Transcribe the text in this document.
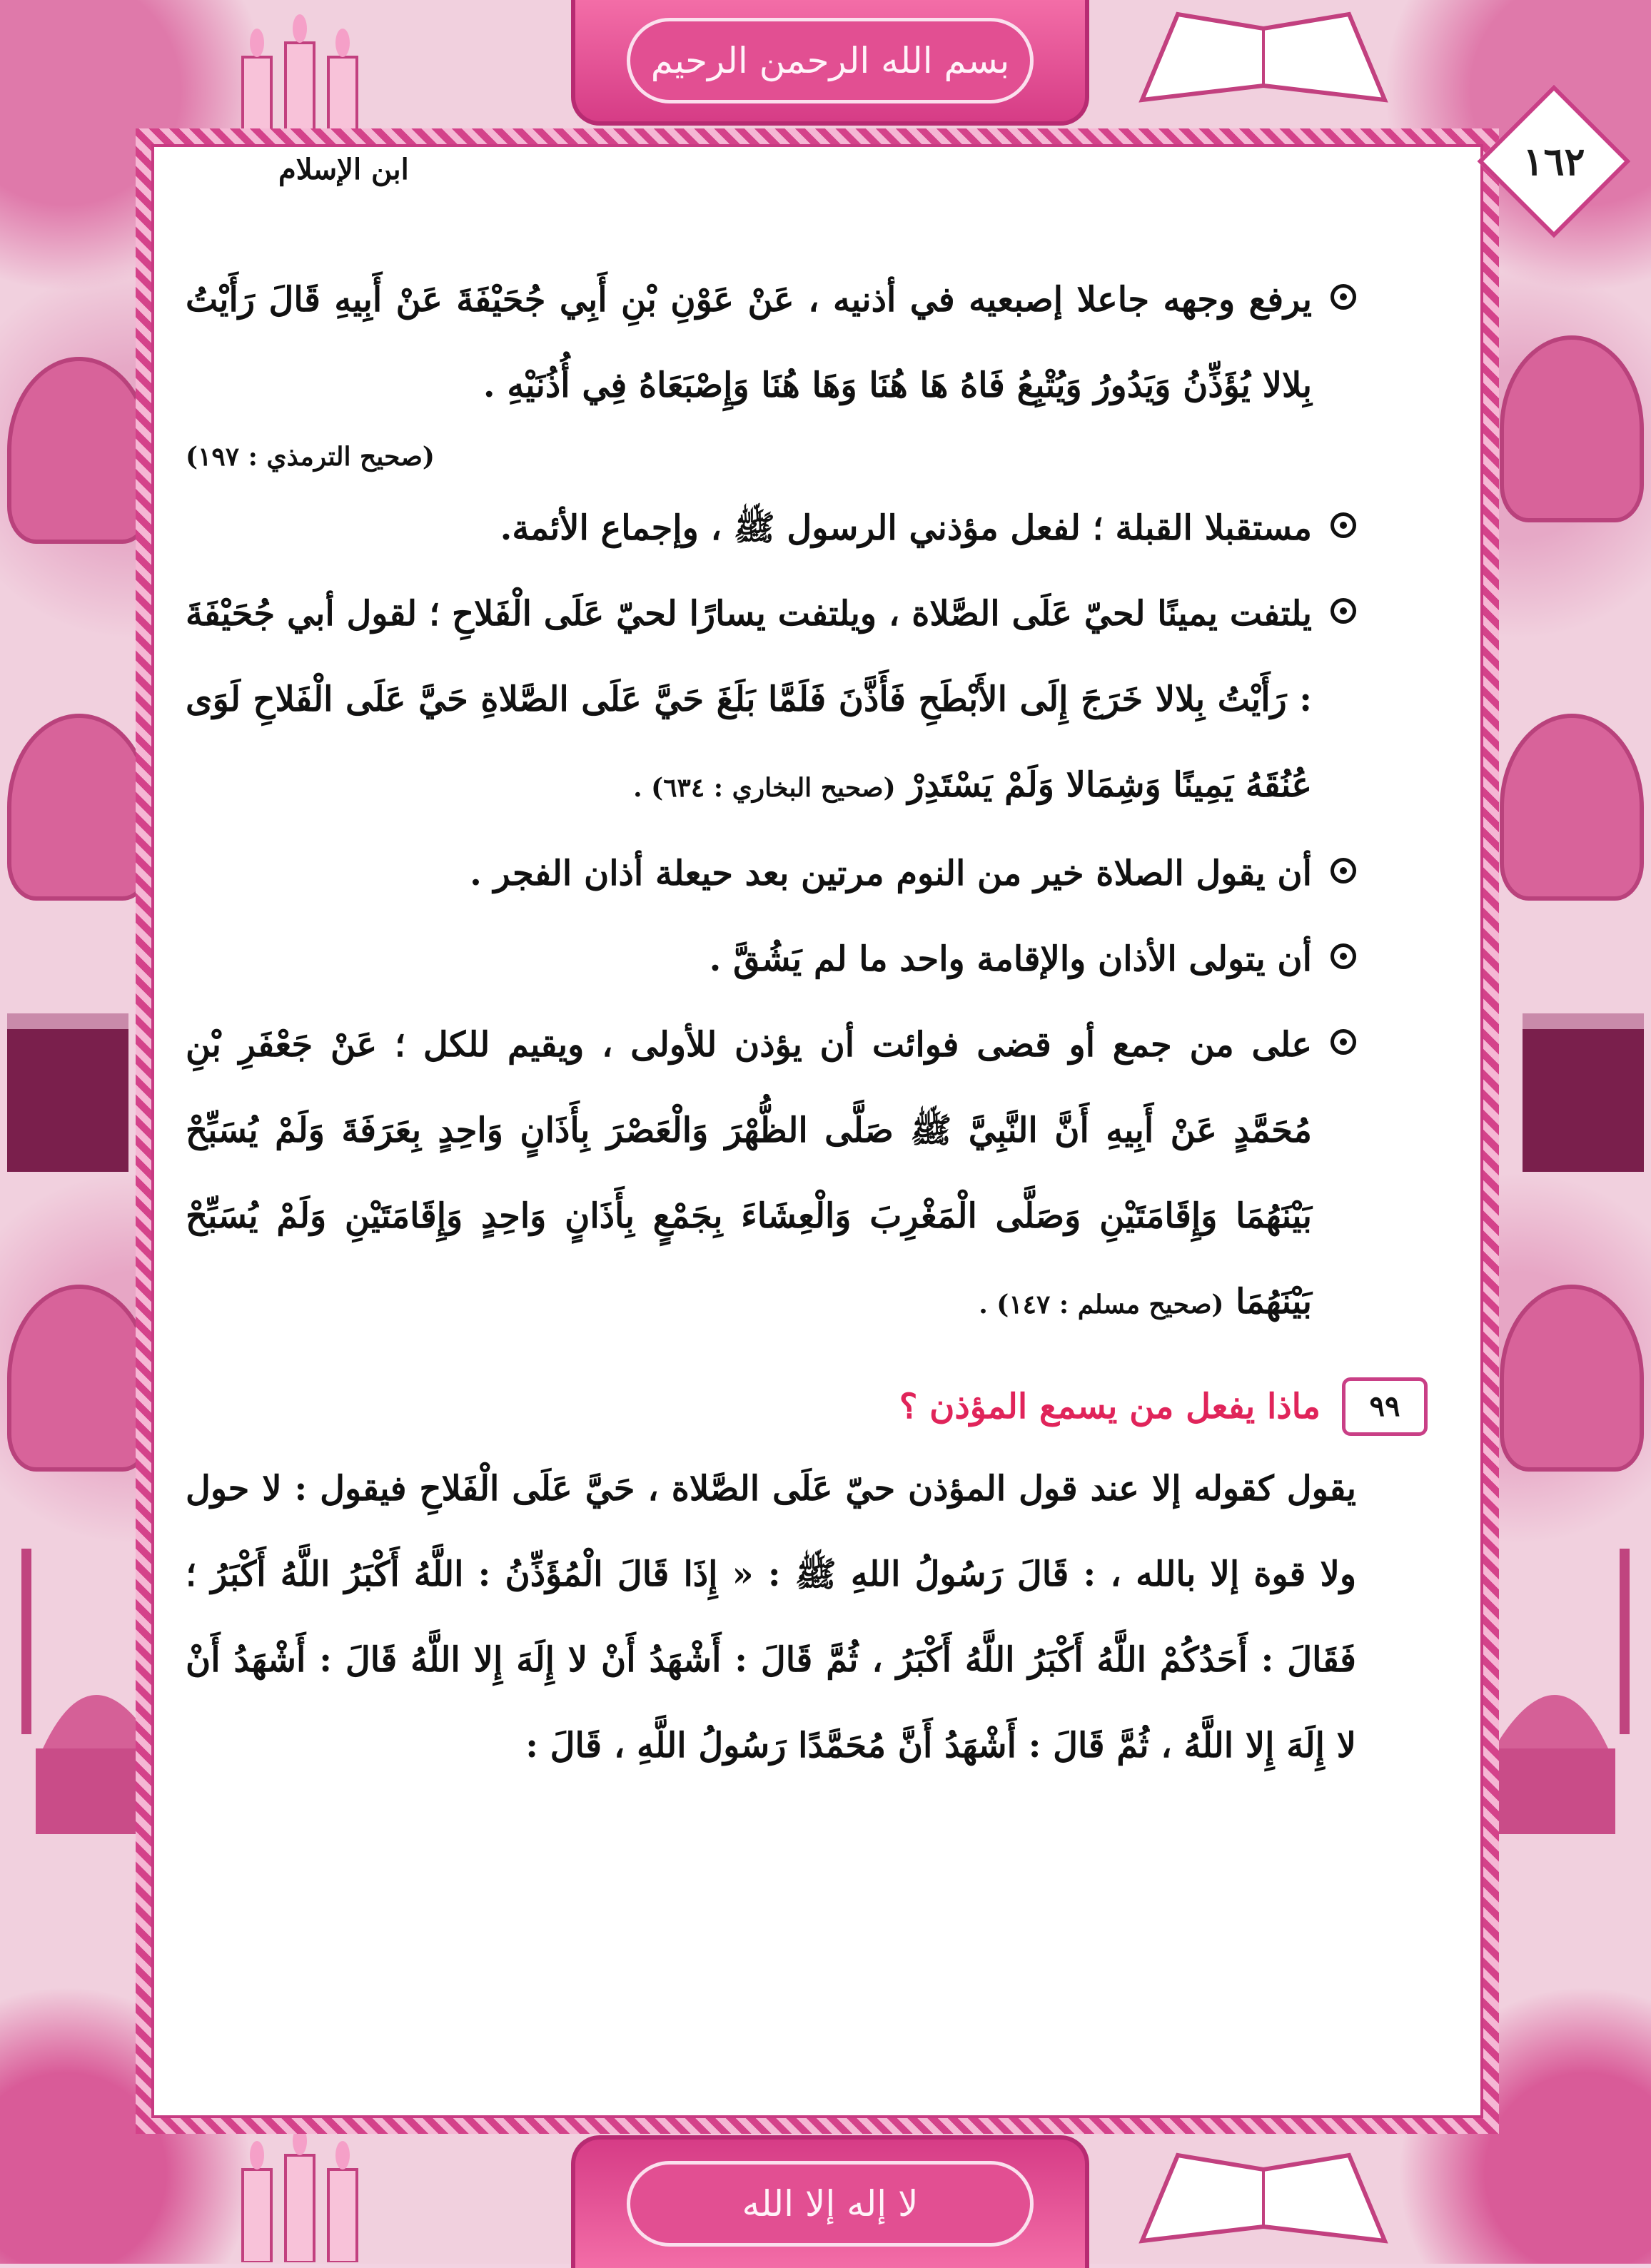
بسم الله الرحمن الرحيم
لا إله إلا الله
١٦٢
ابن الإسلام
يرفع وجهه جاعلا إصبعيه في أذنيه ، عَنْ عَوْنِ بْنِ أَبِي جُحَيْفَةَ عَنْ أَبِيهِ قَالَ رَأَيْتُ بِلالا يُؤَذِّنُ وَيَدُورُ وَيُتْبِعُ فَاهُ هَا هُنَا وَهَا هُنَا وَإِصْبَعَاهُ فِي أُذُنَيْهِ .
(صحيح الترمذي : ١٩٧)
مستقبلا القبلة ؛ لفعل مؤذني الرسول ﷺ ، وإجماع الأئمة.
يلتفت يمينًا لحيّ عَلَى الصَّلاة ، ويلتفت يسارًا لحيّ عَلَى الْفَلاحِ ؛ لقول أبي جُحَيْفَةَ : رَأَيْتُ بِلالا خَرَجَ إِلَى الأَبْطَحِ فَأَذَّنَ فَلَمَّا بَلَغَ حَيَّ عَلَى الصَّلاةِ حَيَّ عَلَى الْفَلاحِ لَوَى عُنُقَهُ يَمِينًا وَشِمَالا وَلَمْ يَسْتَدِرْ (صحيح البخاري : ٦٣٤) .
أن يقول الصلاة خير من النوم مرتين بعد حيعلة أذان الفجر .
أن يتولى الأذان والإقامة واحد ما لم يَشُقَّ .
على من جمع أو قضى فوائت أن يؤذن للأولى ، ويقيم للكل ؛ عَنْ جَعْفَرِ بْنِ مُحَمَّدٍ عَنْ أَبِيهِ أَنَّ النَّبِيَّ ﷺ صَلَّى الظُّهْرَ وَالْعَصْرَ بِأَذَانٍ وَاحِدٍ بِعَرَفَةَ وَلَمْ يُسَبِّحْ بَيْنَهُمَا وَإِقَامَتَيْنِ وَصَلَّى الْمَغْرِبَ وَالْعِشَاءَ بِجَمْعٍ بِأَذَانٍ وَاحِدٍ وَإِقَامَتَيْنِ وَلَمْ يُسَبِّحْ بَيْنَهُمَا (صحيح مسلم : ١٤٧) .
٩٩
ماذا يفعل من يسمع المؤذن ؟
يقول كقوله إلا عند قول المؤذن حيّ عَلَى الصَّلاة ، حَيَّ عَلَى الْفَلاحِ فيقول : لا حول ولا قوة إلا بالله ، : قَالَ رَسُولُ اللهِ ﷺ : « إِذَا قَالَ الْمُؤَذِّنُ : اللَّهُ أَكْبَرُ اللَّهُ أَكْبَرُ ؛ فَقَالَ : أَحَدُكُمْ اللَّهُ أَكْبَرُ اللَّهُ أَكْبَرُ ، ثُمَّ قَالَ : أَشْهَدُ أَنْ لا إِلَهَ إِلا اللَّهُ قَالَ : أَشْهَدُ أَنْ لا إِلَهَ إِلا اللَّهُ ، ثُمَّ قَالَ : أَشْهَدُ أَنَّ مُحَمَّدًا رَسُولُ اللَّهِ ، قَالَ :
